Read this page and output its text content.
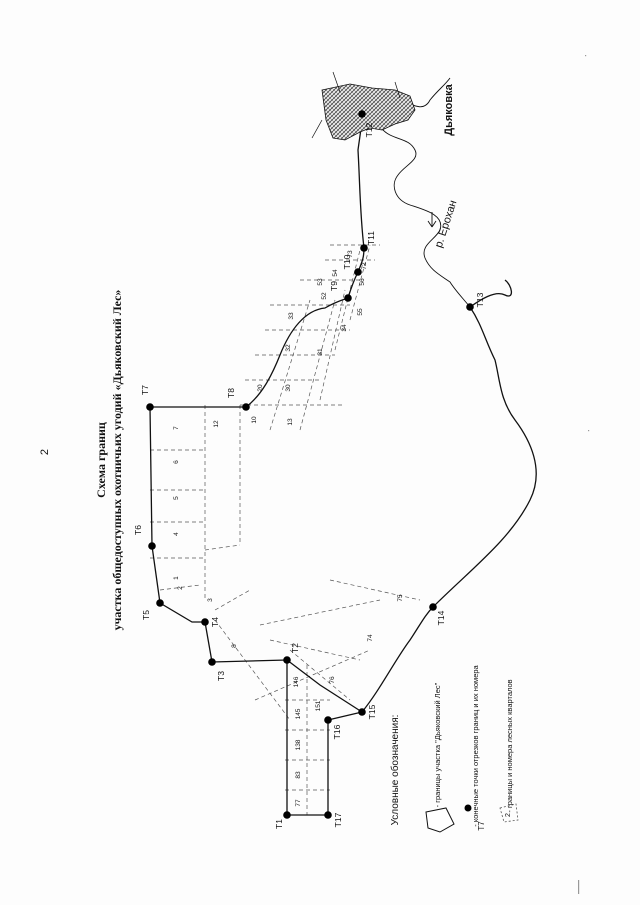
2	Схема границ участка общедоступных охотничьих угодий «Дьяковский Лес»
р. Ерохан
Дьяковка
Т1
Т2
Т3
Т4
Т5
Т6
Т7	Т8
Т9
Т10
Т11
Т12
Т13
Т14
Т15
Т16
Т17
1
2
3
4
5
6
7
8
10
12	13
20	30
31
32
33
34
52
53
54
55
56
72
73
74
75
76
77
83
138
145
146
151
Условные обозначения:	- границы участка "Дьяковский Лес"
Т7
- конечные точки отрезков границ и их номера	2
- границы и номера лесных кварталов
